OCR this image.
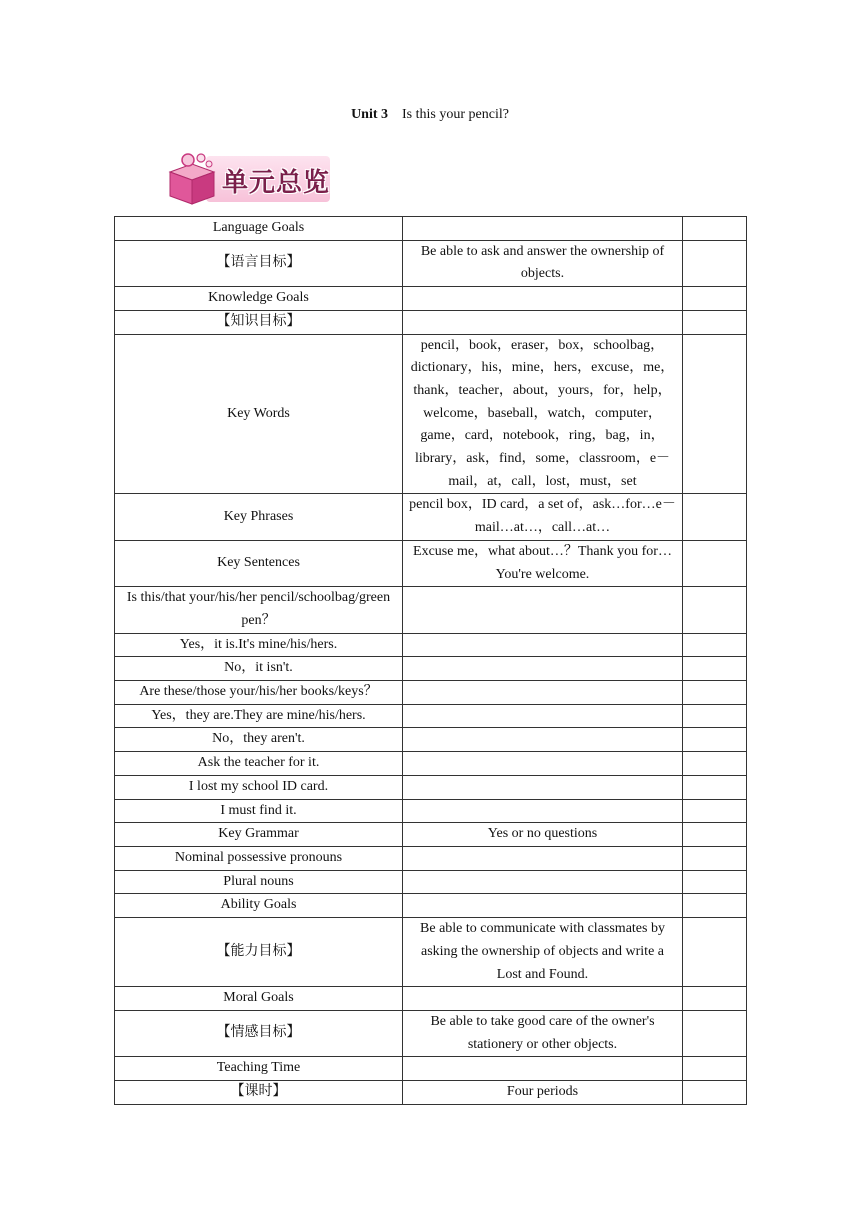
Unit 3 Is this your pencil?
单元总览
Language Goals		
【语言目标】	Be able to ask and answer the ownership of objects.	
Knowledge Goals		
【知识目标】		
Key Words	pencil，book，eraser，box，schoolbag，dictionary，his，mine，hers，excuse，me，thank，teacher，about，yours，for，help，welcome，baseball，watch，computer，game，card，notebook，ring，bag，in，library，ask，find，some，classroom，e－mail，at，call，lost，must，set	
Key Phrases	pencil box，ID card，a set of，ask…for…e－mail…at…，call…at…	
Key Sentences	Excuse me，what about…？Thank you for…You're welcome.	
Is this/that your/his/her pencil/schoolbag/green pen？		
Yes，it is.It's mine/his/hers.		
No，it isn't.		
Are these/those your/his/her books/keys？		
Yes，they are.They are mine/his/hers.		
No，they aren't.		
Ask the teacher for it.		
I lost my school ID card.		
I must find it.		
Key Grammar	Yes or no questions	
Nominal possessive pronouns		
Plural nouns		
Ability Goals		
【能力目标】	Be able to communicate with classmates by asking the ownership of objects and write a Lost and Found.	
Moral Goals		
【情感目标】	Be able to take good care of the owner's stationery or other objects.	
Teaching Time		
【课时】	Four periods	
